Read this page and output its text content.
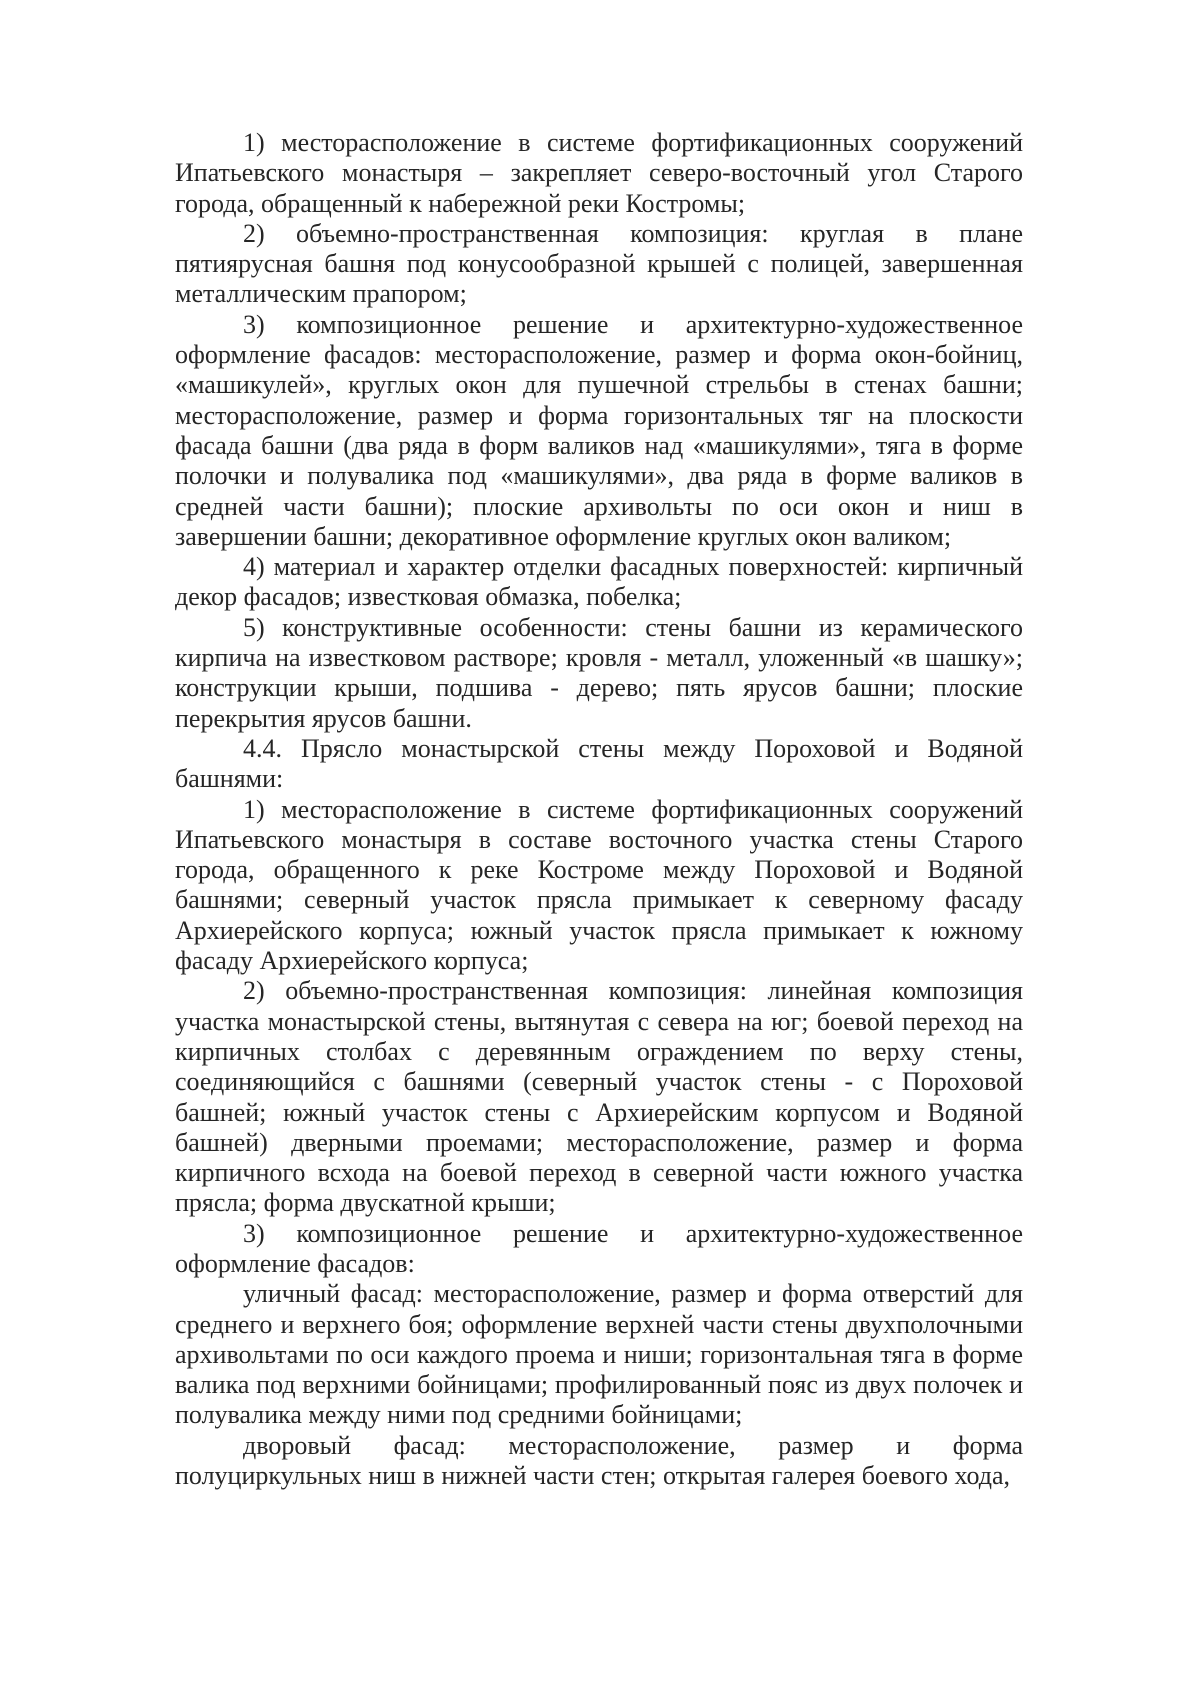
1) месторасположение в системе фортификационных сооружений Ипатьевского монастыря – закрепляет северо-восточный угол Старого города, обращенный к набережной реки Костромы;

2) объемно-пространственная композиция: круглая в плане пятиярусная башня под конусообразной крышей с полицей, завершенная металлическим прапором;

3) композиционное решение и архитектурно-художественное оформление фасадов: месторасположение, размер и форма окон-бойниц, «машикулей», круглых окон для пушечной стрельбы в стенах башни; месторасположение, размер и форма горизонтальных тяг на плоскости фасада башни (два ряда в форм валиков над «машикулями», тяга в форме полочки и полувалика под «машикулями», два ряда в форме валиков в средней части башни); плоские архивольты по оси окон и ниш в завершении башни; декоративное оформление круглых окон валиком;

4) материал и характер отделки фасадных поверхностей: кирпичный декор фасадов; известковая обмазка, побелка;

5) конструктивные особенности: стены башни из керамического кирпича на известковом растворе; кровля - металл, уложенный «в шашку»; конструкции крыши, подшива - дерево; пять ярусов башни; плоские перекрытия ярусов башни.

4.4. Прясло монастырской стены между Пороховой и Водяной башнями:

1) месторасположение в системе фортификационных сооружений Ипатьевского монастыря в составе восточного участка стены Старого города, обращенного к реке Костроме между Пороховой и Водяной башнями; северный участок прясла примыкает к северному фасаду Архиерейского корпуса; южный участок прясла примыкает к южному фасаду Архиерейского корпуса;

2) объемно-пространственная композиция: линейная композиция участка монастырской стены, вытянутая с севера на юг; боевой переход на кирпичных столбах с деревянным ограждением по верху стены, соединяющийся с башнями (северный участок стены - с Пороховой башней; южный участок стены с Архиерейским корпусом и Водяной башней) дверными проемами; месторасположение, размер и форма кирпичного всхода на боевой переход в северной части южного участка прясла; форма двускатной крыши;

3) композиционное решение и архитектурно-художественное оформление фасадов:

уличный фасад: месторасположение, размер и форма отверстий для среднего и верхнего боя; оформление верхней части стены двухполочными архивольтами по оси каждого проема и ниши; горизонтальная тяга в форме валика под верхними бойницами; профилированный пояс из двух полочек и полувалика между ними под средними бойницами;

дворовый фасад: месторасположение, размер и форма полуциркульных ниш в нижней части стен; открытая галерея боевого хода,
